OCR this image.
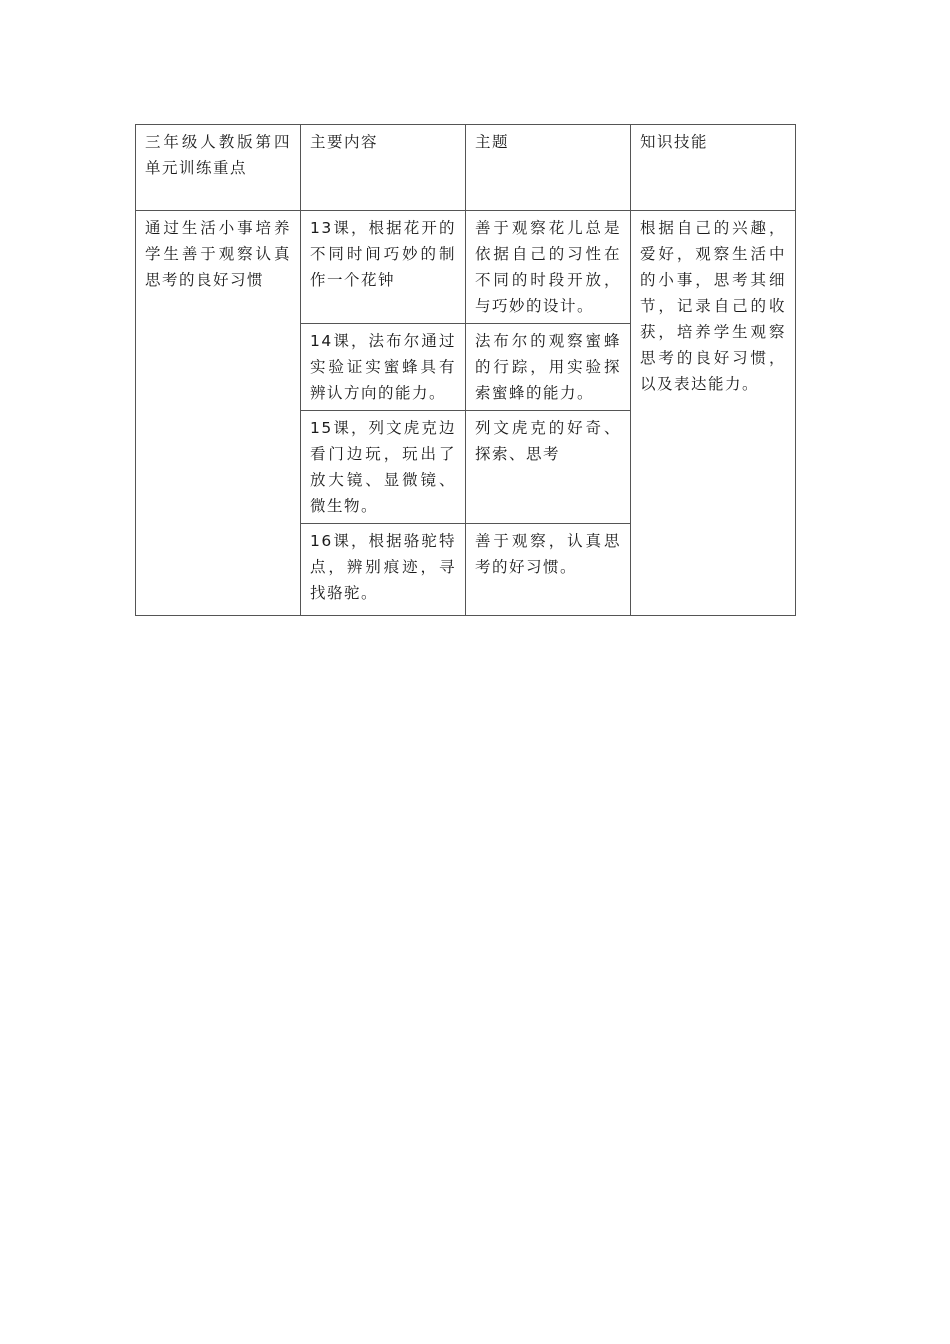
三年级人教版第四单元训练重点	主要内容	主题	知识技能
通过生活小事培养学生善于观察认真思考的良好习惯	13课，根据花开的不同时间巧妙的制作一个花钟	善于观察花儿总是依据自己的习性在不同的时段开放，与巧妙的设计。	根据自己的兴趣，爱好，观察生活中的小事，思考其细节，记录自己的收获，培养学生观察思考的良好习惯，以及表达能力。
	14课，法布尔通过实验证实蜜蜂具有辨认方向的能力。	法布尔的观察蜜蜂的行踪，用实验探索蜜蜂的能力。	
	15课，列文虎克边看门边玩，玩出了放大镜、显微镜、微生物。	列文虎克的好奇、探索、思考	
	16课，根据骆驼特点，辨别痕迹，寻找骆驼。	善于观察，认真思考的好习惯。	
